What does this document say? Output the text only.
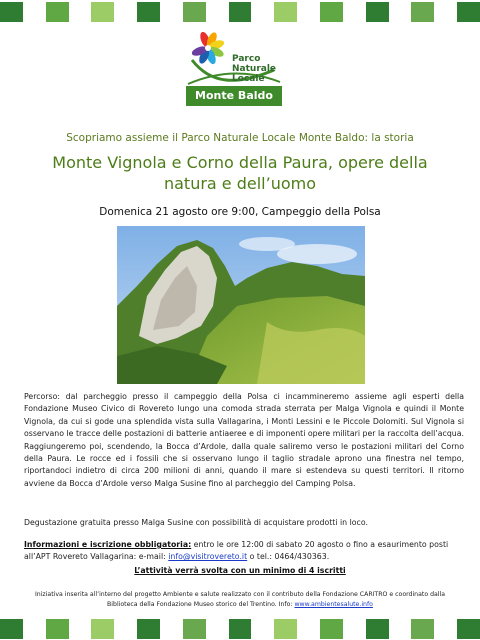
Parco
Naturale
Locale
Monte Baldo
Scopriamo assieme il Parco Naturale Locale Monte Baldo: la storia
Monte Vignola e Corno della Paura, opere della natura e dell’uomo
Domenica 21 agosto ore 9:00, Campeggio della Polsa
Percorso: dal parcheggio presso il campeggio della Polsa ci incammineremo assieme agli esperti della Fondazione Museo Civico di Rovereto lungo una comoda strada sterrata per Malga Vignola e quindi il Monte Vignola, da cui si gode una splendida vista sulla Vallagarina, i Monti Lessini e le Piccole Dolomiti. Sul Vignola si osservano le tracce delle postazioni di batterie antiaeree e di imponenti opere militari per la raccolta dell’acqua. Raggiungeremo poi, scendendo, la Bocca d’Ardole, dalla quale saliremo verso le postazioni militari del Corno della Paura. Le rocce ed i fossili che si osservano lungo il taglio stradale aprono una finestra nel tempo, riportandoci indietro di circa 200 milioni di anni, quando il mare si estendeva su questi territori. Il ritorno avviene da Bocca d’Ardole verso Malga Susine fino al parcheggio del Camping Polsa.
Degustazione gratuita presso Malga Susine con possibilità di acquistare prodotti in loco.
Informazioni e iscrizione obbligatoria: entro le ore 12:00 di sabato 20 agosto o fino a esaurimento posti all’APT Rovereto Vallagarina: e-mail: info@visitrovereto.it o tel.: 0464/430363.
L’attività verrà svolta con un minimo di 4 iscritti
Iniziativa inserita all’interno del progetto Ambiente e salute realizzato con il contributo della Fondazione CARITRO e coordinato dalla Biblioteca della Fondazione Museo storico del Trentino. Info: www.ambientesalute.info
